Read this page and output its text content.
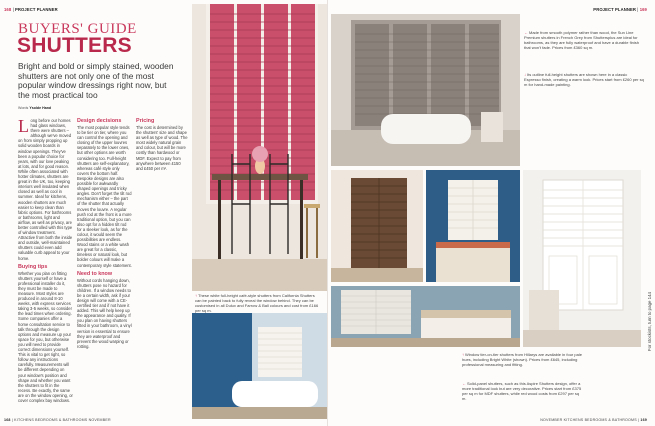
168 | PROJECT PLANNER	PROJECT PLANNER | 169
BUYERS' GUIDE
SHUTTERS
Bright and bold or simply stained, wooden shutters are not only one of the most popular window dressings right now, but the most practical too
Words Ysolde Hand

Long before our homes had glass windows, there were shutters – although we've moved on from simply propping up solid wooden boards in window openings. They've been a popular choice for years, with our love peaking at lots, and for good reason. While often associated with hotter climates, shutters are great in the UK, too, keeping interiors well insulated when closed as well as cool in summer. Ideal for kitchens, wooden shutters are much easier to keep clean than fabric options. For bathrooms or bathrooms, light and airflow, as well as privacy, are better controlled with this type of window treatment. Attractive from both the inside and outside, well-maintained shutters could even add valuable curb appeal to your home.

Buying tips

Whether you plan on fitting shutters yourself or have a professional installer do it, they must be made to measure. Most styles are produced in around 8-10 weeks, with express services taking 3-5 weeks, so consider the lead times when ordering. Some companies offer a home consultation service to talk through the design options and measure up your space for you, but otherwise you will need to provide correct dimensions yourself. This is vital to get right, so follow any instructions carefully. Measurements will be different depending on your window's position and shape and whether you want the shutters to fit in the recess. Be exactly, the same are on the window opening, or cover complex bay windows.

Design decisions

The most popular style tends to be tier on tier, where you can control the opening and closing of the upper louvres separately to the lower ones, but other options are worth considering too. Full-height shutters are self-explanatory, whereas café style only covers the bottom half. Bespoke designs are also possible for awkwardly shaped openings and tricky angles. Don't forget the tilt rod mechanism either – the part of the shutter that actually moves the louvre. A regular push rod at the front is a more traditional option, but you can also opt for a hidden tilt rod for a sleeker look, as for the colour, it would seem the possibilities are endless. Wood stains or a white wash are great for a classic, timeless or natural look, but bolder colours will make a contemporary style statement.

Need to know

Without cords hanging down, shutters pose no hazard for children. If a window needs to be a certain width, ask if your design will come with a CE-certified tier and if not have it added. This will help keep up the appearance and quality. If you plan on having shutters fitted in your bathroom, a vinyl version is essential to ensure they are waterproof and prevent the wood warping or rotting.

Pricing

The cost is determined by the shutters' size and shape as well as type of wood. The most widely natural grain and colour, but will be more costly than hardwood or MDF. Expect to pay from anywhere between £150 and £450 per m².

↑These white full-height café-style shutters from California Shutters can be painted back to fully reveal the window behind. They can be customised in all Dulux and Farrow & Ball colours and cost from £166 per sq m.
←Made from smooth polymer rather than wood, the Sun Line Premium shutters in French Grey from Shuttersplus are ideal for bathrooms, as they are fully waterproof and have a durable finish that won't fade. Prices from £360 sq m.
↓Its outline full-height shutters are shown here in a classic Espresso finish, creating a warm look. Prices start from £260 per sq m for hand-made painting.
↑Window tier-on-tier shutters from Hillarys are available in four pale hues, including Bright White (shown). Prices from £645, including professional measuring and fitting.
←Solid-panel shutters, such as this Aspire Shutters design, offer a more traditional look but are very decorative. Prices start from £375 per sq m for MDF shutters, while red wood costs from £297 per sq m.
For stockists, turn to page 144
168 | KITCHENS BEDROOMS & BATHROOMS NOVEMBER	NOVEMBER KITCHENS BEDROOMS & BATHROOMS | 169
